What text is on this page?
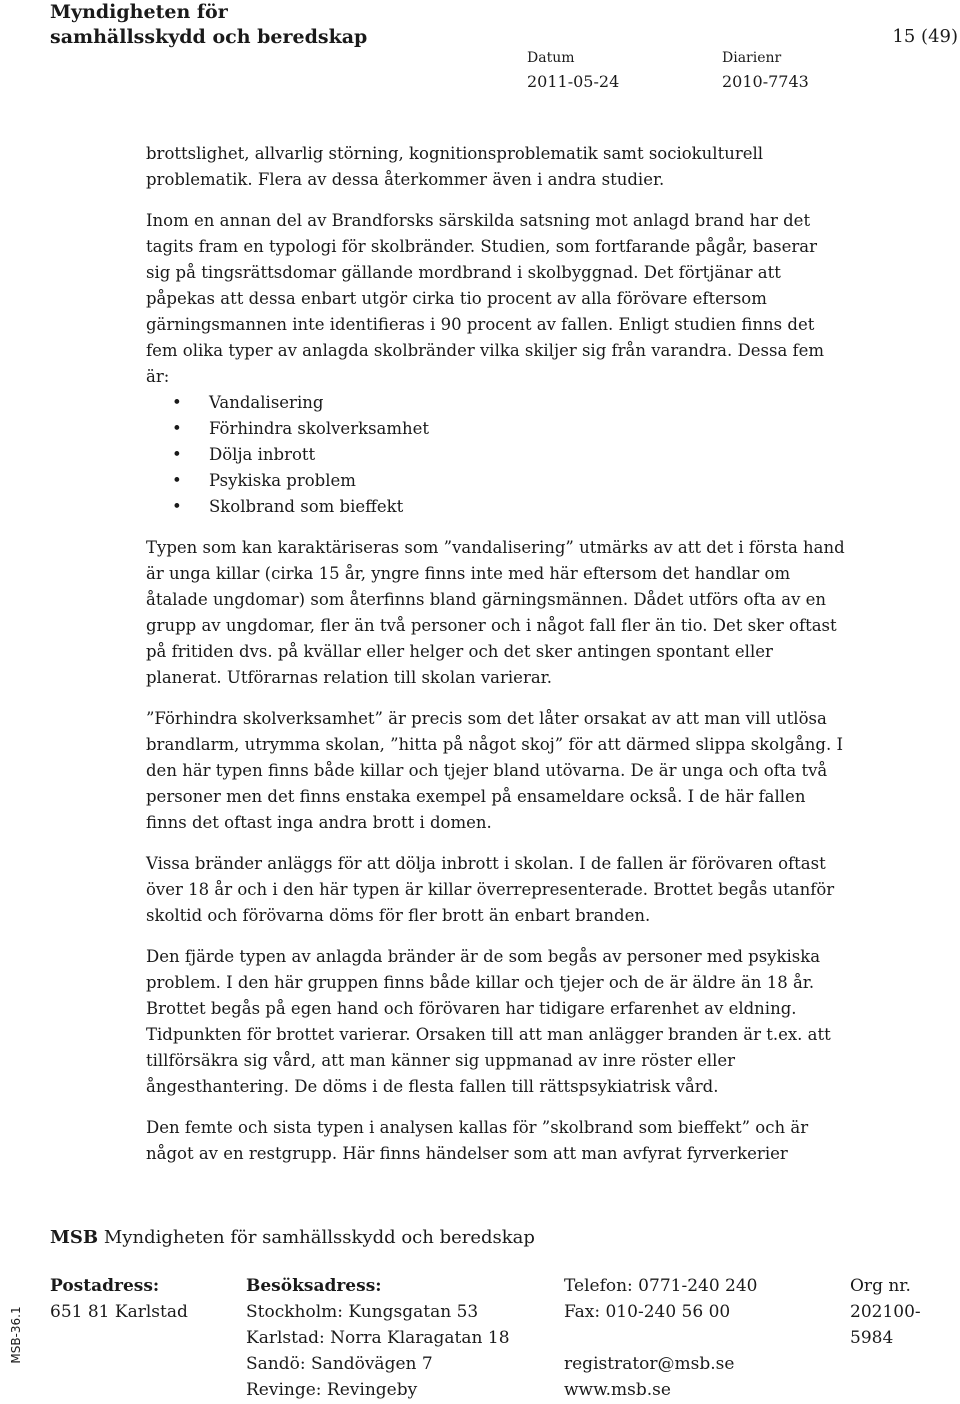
Myndigheten för
samhällsskydd och beredskap	15 (49)
Datum
2011-05-24
Diarienr
2010-7743

brottslighet, allvarlig störning, kognitionsproblematik samt sociokulturell problematik. Flera av dessa återkommer även i andra studier.

Inom en annan del av Brandforsks särskilda satsning mot anlagd brand har det tagits fram en typologi för skolbränder. Studien, som fortfarande pågår, baserar sig på tingsrättsdomar gällande mordbrand i skolbyggnad. Det förtjänar att påpekas att dessa enbart utgör cirka tio procent av alla förövare eftersom gärningsmannen inte identifieras i 90 procent av fallen. Enligt studien finns det fem olika typer av anlagda skolbränder vilka skiljer sig från varandra. Dessa fem är:

• Vandalisering
• Förhindra skolverksamhet
• Dölja inbrott
• Psykiska problem
• Skolbrand som bieffekt

Typen som kan karaktäriseras som ”vandalisering” utmärks av att det i första hand är unga killar (cirka 15 år, yngre finns inte med här eftersom det handlar om åtalade ungdomar) som återfinns bland gärningsmännen. Dådet utförs ofta av en grupp av ungdomar, fler än två personer och i något fall fler än tio. Det sker oftast på fritiden dvs. på kvällar eller helger och det sker antingen spontant eller planerat. Utförarnas relation till skolan varierar.

”Förhindra skolverksamhet” är precis som det låter orsakat av att man vill utlösa brandlarm, utrymma skolan, ”hitta på något skoj” för att därmed slippa skolgång. I den här typen finns både killar och tjejer bland utövarna. De är unga och ofta två personer men det finns enstaka exempel på ensameldare också. I de här fallen finns det oftast inga andra brott i domen.

Vissa bränder anläggs för att dölja inbrott i skolan. I de fallen är förövaren oftast över 18 år och i den här typen är killar överrepresenterade. Brottet begås utanför skoltid och förövarna döms för fler brott än enbart branden.

Den fjärde typen av anlagda bränder är de som begås av personer med psykiska problem. I den här gruppen finns både killar och tjejer och de är äldre än 18 år. Brottet begås på egen hand och förövaren har tidigare erfarenhet av eldning. Tidpunkten för brottet varierar. Orsaken till att man anlägger branden är t.ex. att tillförsäkra sig vård, att man känner sig uppmanad av inre röster eller ångesthantering. De döms i de flesta fallen till rättspsykiatrisk vård.

Den femte och sista typen i analysen kallas för ”skolbrand som bieffekt” och är något av en restgrupp. Här finns händelser som att man avfyrat fyrverkerier

MSB Myndigheten för samhällsskydd och beredskap
Postadress:
651 81 Karlstad
Besöksadress:
Stockholm: Kungsgatan 53
Karlstad: Norra Klaragatan 18
Sandö: Sandövägen 7
Revinge: Revingeby
Telefon: 0771-240 240
Fax: 010-240 56 00
registrator@msb.se
www.msb.se
Org nr.
202100-
5984
MSB-36.1
